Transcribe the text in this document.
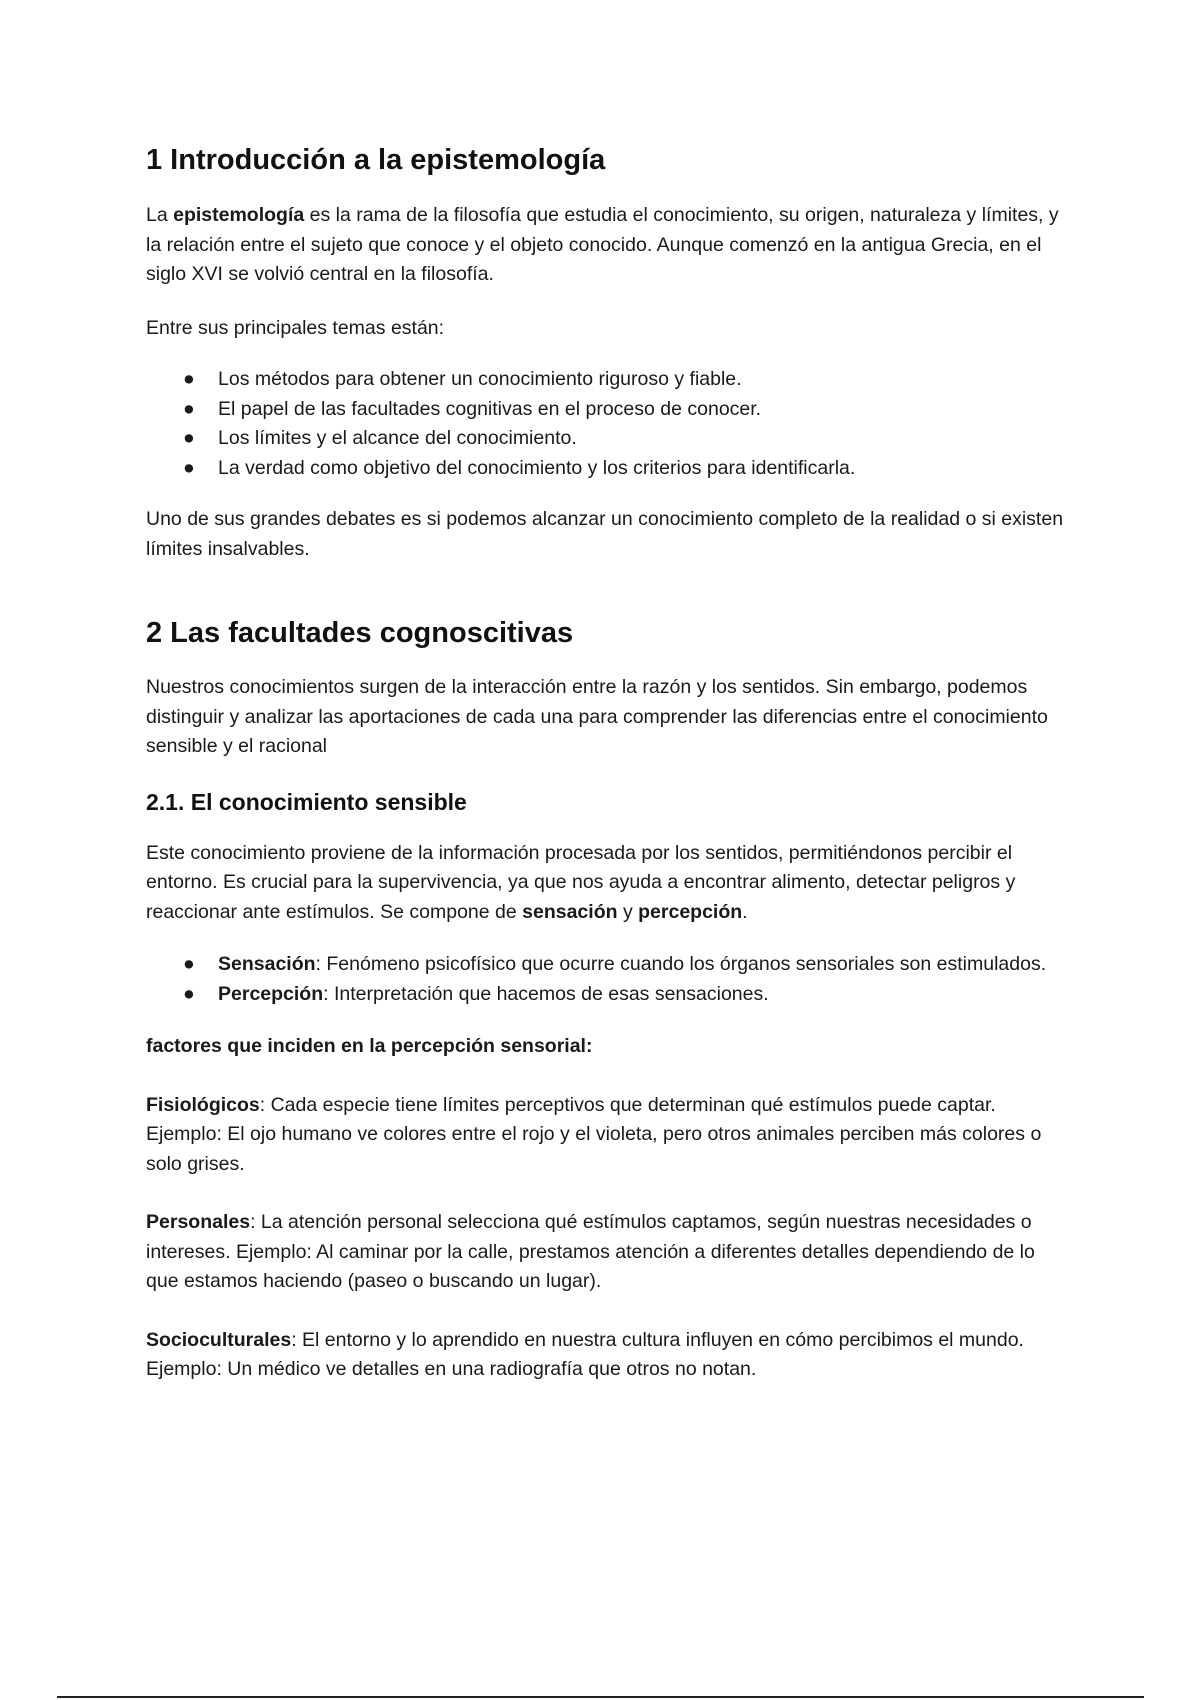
1 Introducción a la epistemología

La epistemología es la rama de la filosofía que estudia el conocimiento, su origen, naturaleza y límites, y la relación entre el sujeto que conoce y el objeto conocido. Aunque comenzó en la antigua Grecia, en el siglo XVI se volvió central en la filosofía.

Entre sus principales temas están:

● Los métodos para obtener un conocimiento riguroso y fiable.
● El papel de las facultades cognitivas en el proceso de conocer.
● Los límites y el alcance del conocimiento.
● La verdad como objetivo del conocimiento y los criterios para identificarla.

Uno de sus grandes debates es si podemos alcanzar un conocimiento completo de la realidad o si existen límites insalvables.

2 Las facultades cognoscitivas

Nuestros conocimientos surgen de la interacción entre la razón y los sentidos. Sin embargo, podemos distinguir y analizar las aportaciones de cada una para comprender las diferencias entre el conocimiento sensible y el racional

2.1. El conocimiento sensible

Este conocimiento proviene de la información procesada por los sentidos, permitiéndonos percibir el entorno. Es crucial para la supervivencia, ya que nos ayuda a encontrar alimento, detectar peligros y reaccionar ante estímulos. Se compone de sensación y percepción.

● Sensación: Fenómeno psicofísico que ocurre cuando los órganos sensoriales son estimulados.
● Percepción: Interpretación que hacemos de esas sensaciones.

factores que inciden en la percepción sensorial:

Fisiológicos: Cada especie tiene límites perceptivos que determinan qué estímulos puede captar. Ejemplo: El ojo humano ve colores entre el rojo y el violeta, pero otros animales perciben más colores o solo grises.

Personales: La atención personal selecciona qué estímulos captamos, según nuestras necesidades o intereses. Ejemplo: Al caminar por la calle, prestamos atención a diferentes detalles dependiendo de lo que estamos haciendo (paseo o buscando un lugar).

Socioculturales: El entorno y lo aprendido en nuestra cultura influyen en cómo percibimos el mundo. Ejemplo: Un médico ve detalles en una radiografía que otros no notan.
